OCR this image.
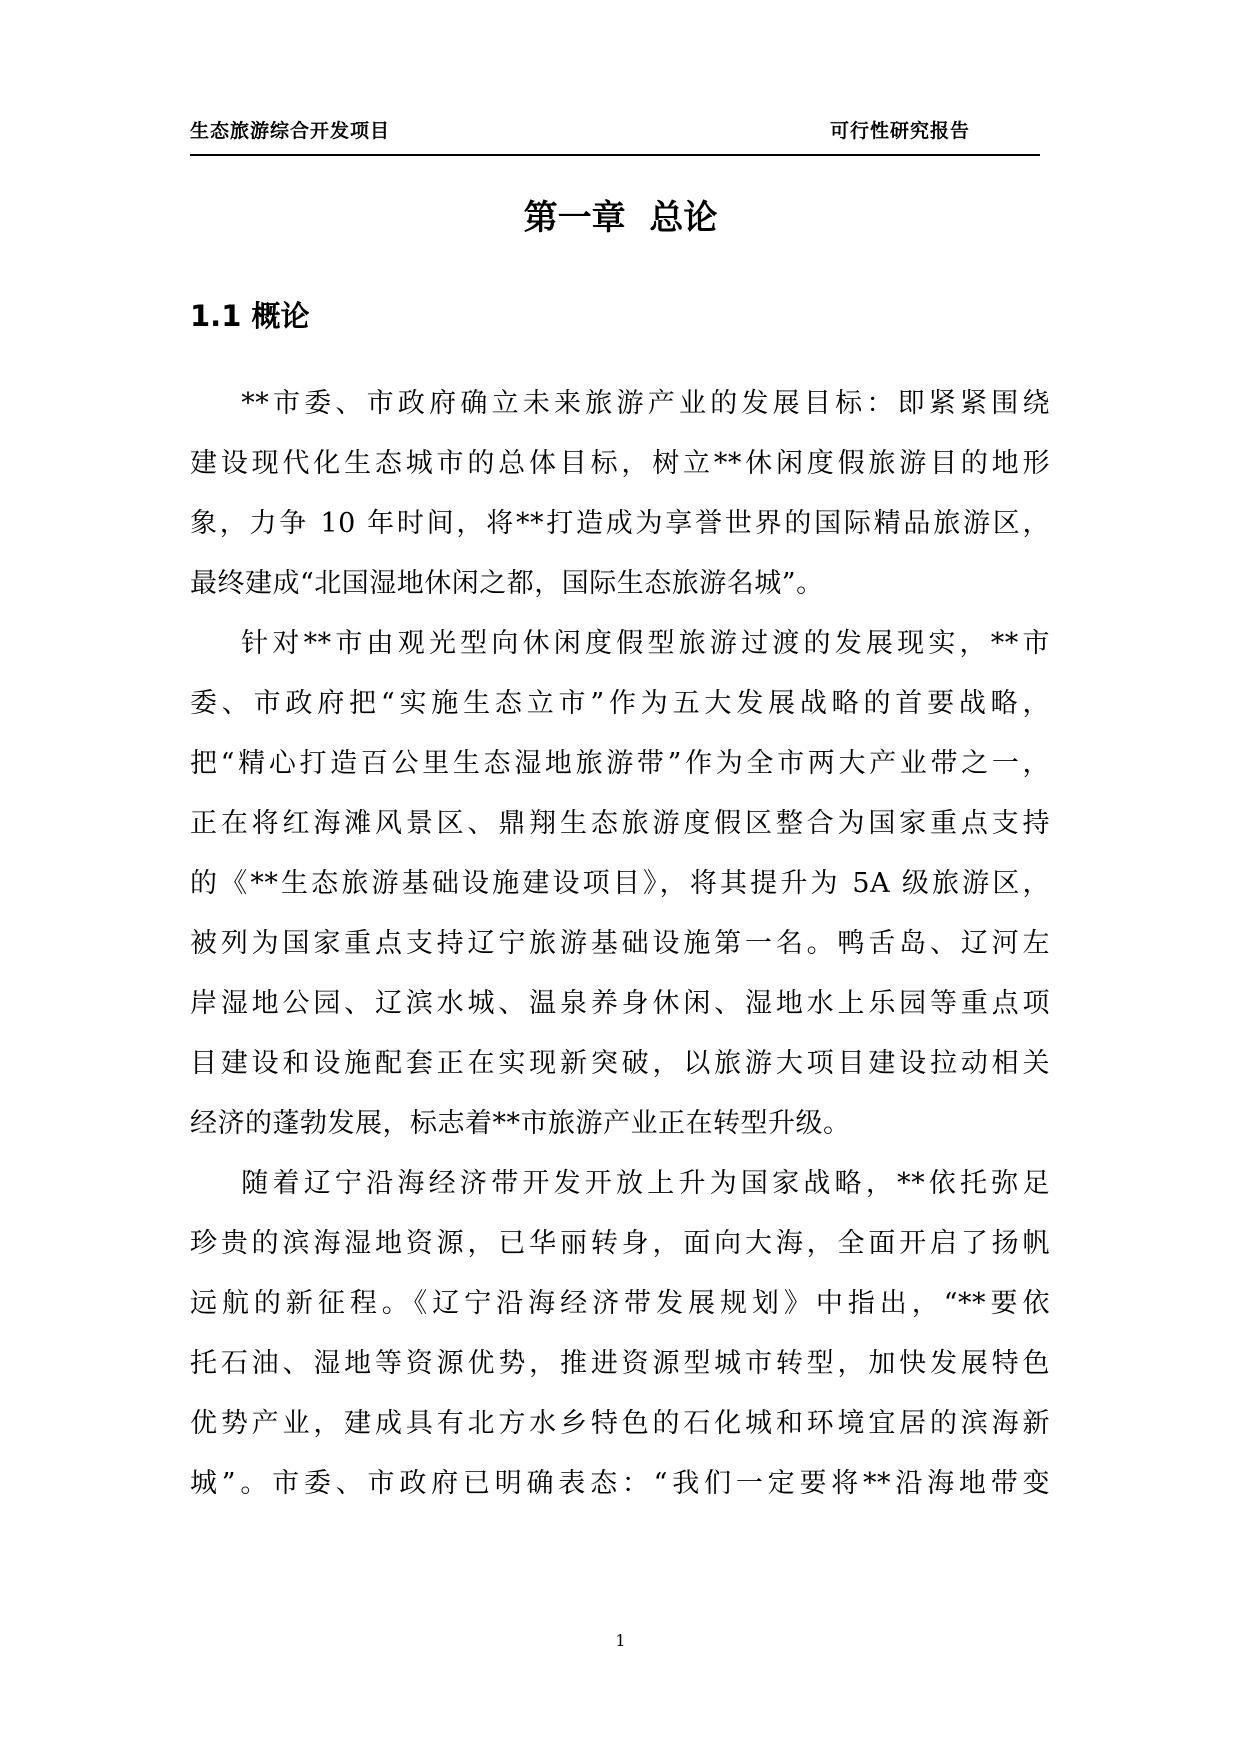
生态旅游综合开发项目	可行性研究报告
第一章  总论
1.1 概论
**市委、市政府确立未来旅游产业的发展目标：即紧紧围绕
建设现代化生态城市的总体目标，树立**休闲度假旅游目的地形
象，力争 10 年时间，将**打造成为享誉世界的国际精品旅游区，
最终建成“北国湿地休闲之都，国际生态旅游名城”。
针对**市由观光型向休闲度假型旅游过渡的发展现实，**市
委、市政府把“实施生态立市”作为五大发展战略的首要战略，
把“精心打造百公里生态湿地旅游带”作为全市两大产业带之一，
正在将红海滩风景区、鼎翔生态旅游度假区整合为国家重点支持
的《**生态旅游基础设施建设项目》，将其提升为 5A 级旅游区，
被列为国家重点支持辽宁旅游基础设施第一名。鸭舌岛、辽河左
岸湿地公园、辽滨水城、温泉养身休闲、湿地水上乐园等重点项
目建设和设施配套正在实现新突破，以旅游大项目建设拉动相关
经济的蓬勃发展，标志着**市旅游产业正在转型升级。
随着辽宁沿海经济带开发开放上升为国家战略，**依托弥足
珍贵的滨海湿地资源，已华丽转身，面向大海，全面开启了扬帆
远航的新征程。《辽宁沿海经济带发展规划》中指出，“**要依
托石油、湿地等资源优势，推进资源型城市转型，加快发展特色
优势产业，建成具有北方水乡特色的石化城和环境宜居的滨海新
城”。市委、市政府已明确表态：“我们一定要将**沿海地带变
1
